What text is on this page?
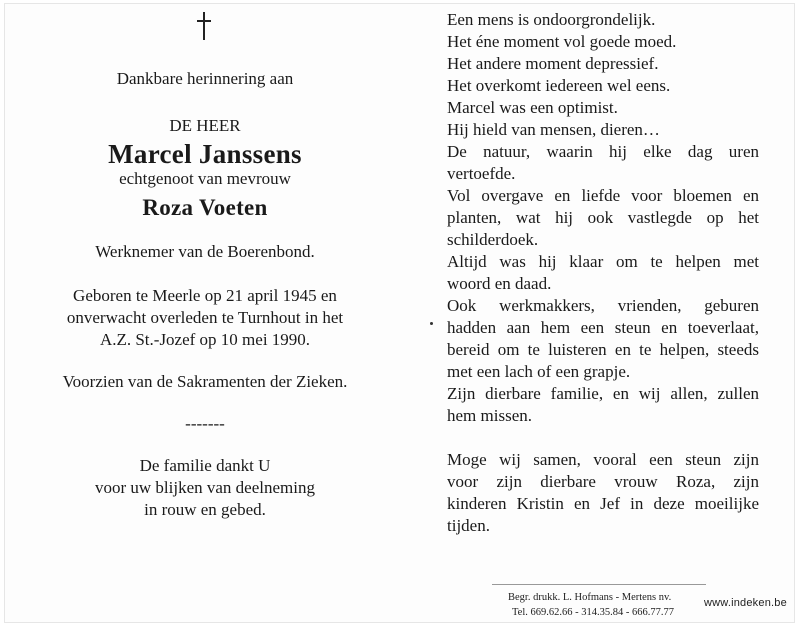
Dankbare herinnering aan
DE HEER
Marcel Janssens
echtgenoot van mevrouw
Roza Voeten
Werknemer van de Boerenbond.
Geboren te Meerle op 21 april 1945 en
onverwacht overleden te Turnhout in het
A.Z. St.-Jozef op 10 mei 1990.
Voorzien van de Sakramenten der Zieken.
-------
De familie dankt U
voor uw blijken van deelneming
in rouw en gebed.
Een mens is ondoorgrondelijk.
Het éne moment vol goede moed.
Het andere moment depressief.
Het overkomt iedereen wel eens.
Marcel was een optimist.
Hij hield van mensen, dieren…
De natuur, waarin hij elke dag uren
vertoefde.
Vol overgave en liefde voor bloemen en
planten, wat hij ook vastlegde op het
schilderdoek.
Altijd was hij klaar om te helpen met
woord en daad.
Ook werkmakkers, vrienden, geburen
hadden aan hem een steun en toeverlaat,
bereid om te luisteren en te helpen, steeds
met een lach of een grapje.
Zijn dierbare familie, en wij allen, zullen
hem missen.

Moge wij samen, vooral een steun zijn
voor zijn dierbare vrouw Roza, zijn
kinderen Kristin en Jef in deze moeilijke
tijden.
Begr. drukk. L. Hofmans - Mertens nv.
Tel. 669.62.66 - 314.35.84 - 666.77.77
www.indeken.be
